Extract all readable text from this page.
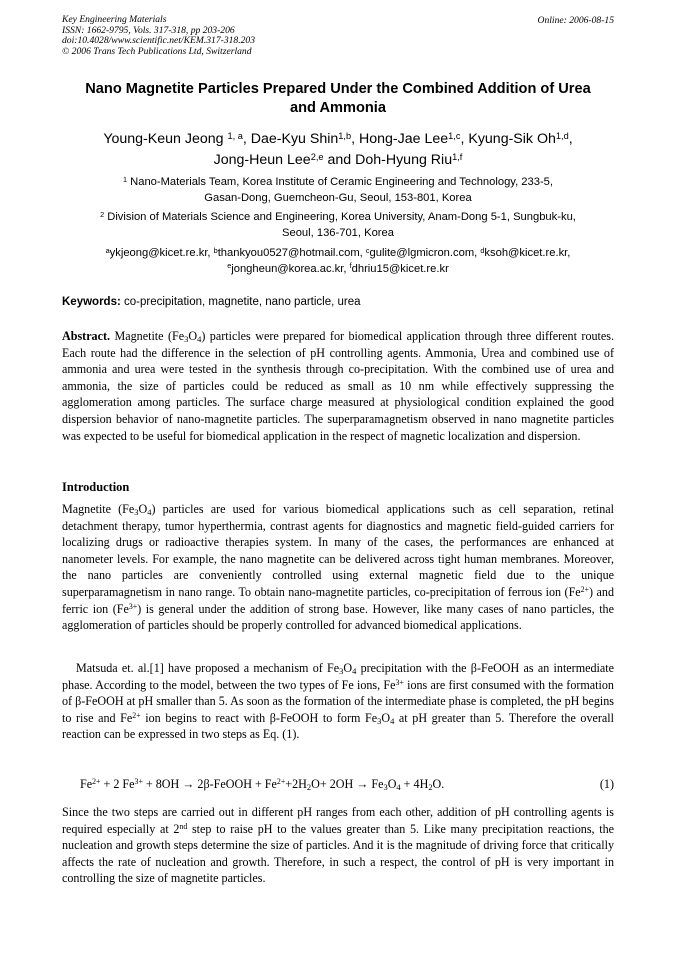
Key Engineering Materials
ISSN: 1662-9795, Vols. 317-318, pp 203-206
doi:10.4028/www.scientific.net/KEM.317-318.203
© 2006 Trans Tech Publications Ltd, Switzerland
Online: 2006-08-15
Nano Magnetite Particles Prepared Under the Combined Addition of Urea
and Ammonia
Young-Keun Jeong $^{1, a}$, Dae-Kyu Shin$^{1,b}$, Hong-Jae Lee$^{1,c}$, Kyung-Sik Oh$^{1,d}$,
Jong-Heun Lee$^{2,e}$ and Doh-Hyung Riu$^{1,f}$
$^1$ Nano-Materials Team, Korea Institute of Ceramic Engineering and Technology, 233-5,
Gasan-Dong, Guemcheon-Gu, Seoul, 153-801, Korea
$^2$ Division of Materials Science and Engineering, Korea University, Anam-Dong 5-1, Sungbuk-ku,
Seoul, 136-701, Korea
$^a$ykjeong@kicet.re.kr, $^b$thankyou0527@hotmail.com, $^c$gulite@lgmicron.com, $^d$ksoh@kicet.re.kr,
$^e$jongheun@korea.ac.kr, $^f$dhriu15@kicet.re.kr
Keywords: co-precipitation, magnetite, nano particle, urea
Abstract. Magnetite $(Fe_3O_4)$ particles were prepared for biomedical application through three different routes. Each route had the difference in the selection of pH controlling agents. Ammonia, Urea and combined use of ammonia and urea were tested in the synthesis through co-precipitation. With the combined use of urea and ammonia, the size of particles could be reduced as small as 10 nm while effectively suppressing the agglomeration among particles. The surface charge measured at physiological condition explained the good dispersion behavior of nano-magnetite particles. The superparamagnetism observed in nano magnetite particles was expected to be useful for biomedical application in the respect of magnetic localization and dispersion.
Introduction
Magnetite $(Fe_3O_4)$ particles are used for various biomedical applications such as cell separation, retinal detachment therapy, tumor hyperthermia, contrast agents for diagnostics and magnetic field-guided carriers for localizing drugs or radioactive therapies system. In many of the cases, the performances are enhanced at nanometer levels. For example, the nano magnetite can be delivered across tight human membranes. Moreover, the nano particles are conveniently controlled using external magnetic field due to the unique superparamagnetism in nano range. To obtain nano-magnetite particles, co-precipitation of ferrous ion $(Fe^{2+})$ and ferric ion $(Fe^{3+})$ is general under the addition of strong base. However, like many cases of nano particles, the agglomeration of particles should be properly controlled for advanced biomedical applications.
Matsuda et. al.[1] have proposed a mechanism of $Fe_3O_4$ precipitation with the β-FeOOH as an intermediate phase. According to the model, between the two types of Fe ions, $Fe^{3+}$ ions are first consumed with the formation of β-FeOOH at pH smaller than 5. As soon as the formation of the intermediate phase is completed, the pH begins to rise and $Fe^{2+}$ ion begins to react with β-FeOOH to form $Fe_3O_4$ at pH greater than 5. Therefore the overall reaction can be expressed in two steps as Eq. (1).
$Fe^{2+} + 2$ $Fe^{3+} + 8OH$ → 2β-FeOOH + $Fe^{2+}+2H_2O+ 2OH \to Fe_3O_4 + 4H_2O$.	(1)
Since the two steps are carried out in different pH ranges from each other, addition of pH controlling agents is required especially at 2nd step to raise pH to the values greater than 5. Like many precipitation reactions, the nucleation and growth steps determine the size of particles. And it is the magnitude of driving force that critically affects the rate of nucleation and growth. Therefore, in such a respect, the control of pH is very important in controlling the size of magnetite particles.
